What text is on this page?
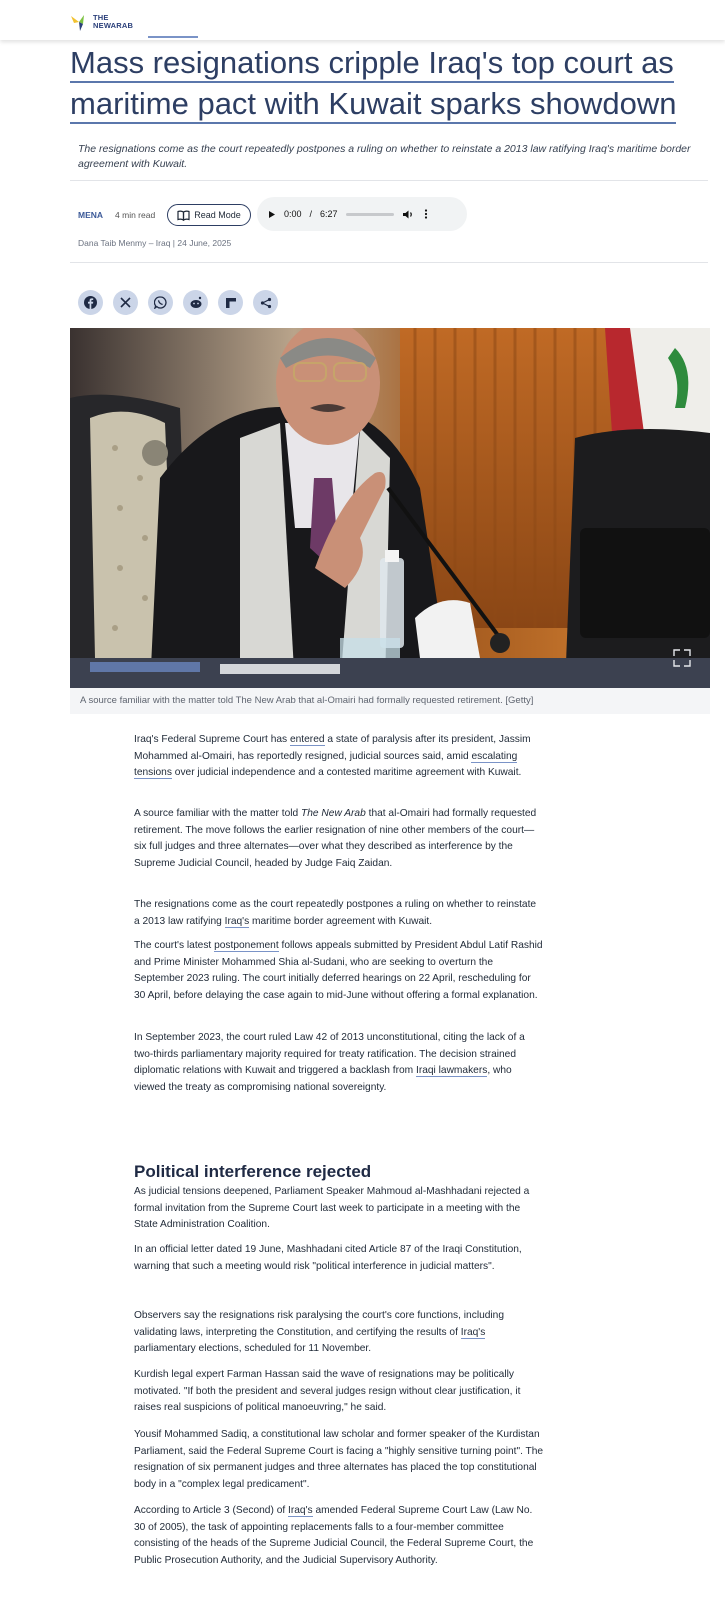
THE
NEWARAB
Mass resignations cripple Iraq's top court as
maritime pact with Kuwait sparks showdown

The resignations come as the court repeatedly postpones a ruling on whether to reinstate a 2013 law ratifying Iraq's maritime border agreement with Kuwait.

MENA 4 min read	Read Mode	0:00 / 6:27
Dana Taib Menmy – Iraq | 24 June, 2025
A source familiar with the matter told The New Arab that al-Omairi had formally requested retirement. [Getty]

Iraq's Federal Supreme Court has entered a state of paralysis after its president, Jassim Mohammed al-Omairi, has reportedly resigned, judicial sources said, amid escalating tensions over judicial independence and a contested maritime agreement with Kuwait.

A source familiar with the matter told The New Arab that al-Omairi had formally requested retirement. The move follows the earlier resignation of nine other members of the court—six full judges and three alternates—over what they described as interference by the Supreme Judicial Council, headed by Judge Faiq Zaidan.

The resignations come as the court repeatedly postpones a ruling on whether to reinstate a 2013 law ratifying Iraq's maritime border agreement with Kuwait.

The court's latest postponement follows appeals submitted by President Abdul Latif Rashid and Prime Minister Mohammed Shia al-Sudani, who are seeking to overturn the September 2023 ruling. The court initially deferred hearings on 22 April, rescheduling for 30 April, before delaying the case again to mid-June without offering a formal explanation.

In September 2023, the court ruled Law 42 of 2013 unconstitutional, citing the lack of a two-thirds parliamentary majority required for treaty ratification. The decision strained diplomatic relations with Kuwait and triggered a backlash from Iraqi lawmakers, who viewed the treaty as compromising national sovereignty.

Political interference rejected

As judicial tensions deepened, Parliament Speaker Mahmoud al-Mashhadani rejected a formal invitation from the Supreme Court last week to participate in a meeting with the State Administration Coalition.

In an official letter dated 19 June, Mashhadani cited Article 87 of the Iraqi Constitution, warning that such a meeting would risk "political interference in judicial matters".

Observers say the resignations risk paralysing the court's core functions, including validating laws, interpreting the Constitution, and certifying the results of Iraq's parliamentary elections, scheduled for 11 November.

Kurdish legal expert Farman Hassan said the wave of resignations may be politically motivated. "If both the president and several judges resign without clear justification, it raises real suspicions of political manoeuvring," he said.

Yousif Mohammed Sadiq, a constitutional law scholar and former speaker of the Kurdistan Parliament, said the Federal Supreme Court is facing a "highly sensitive turning point". The resignation of six permanent judges and three alternates has placed the top constitutional body in a "complex legal predicament".

According to Article 3 (Second) of Iraq's amended Federal Supreme Court Law (Law No. 30 of 2005), the task of appointing replacements falls to a four-member committee consisting of the heads of the Supreme Judicial Council, the Federal Supreme Court, the Public Prosecution Authority, and the Judicial Supervisory Authority.
